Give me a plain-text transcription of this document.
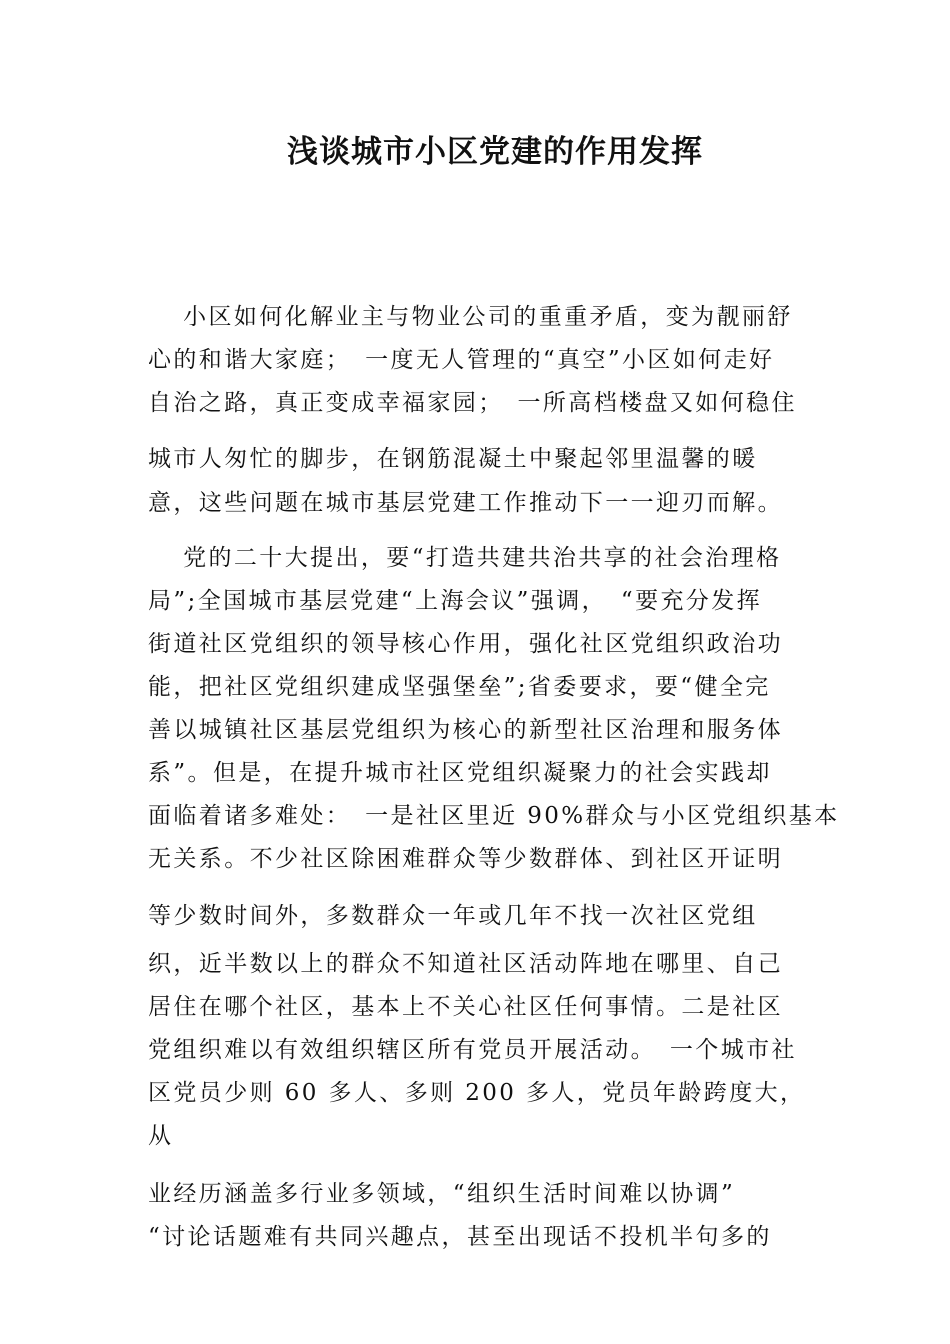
浅谈城市小区党建的作用发挥

　 小区如何化解业主与物业公司的重重矛盾，变为靓丽舒

心的和谐大家庭；　一度无人管理的“真空”小区如何走好

自治之路，真正变成幸福家园；　一所高档楼盘又如何稳住

城市人匆忙的脚步，在钢筋混凝土中聚起邻里温馨的暖

意，这些问题在城市基层党建工作推动下一一迎刃而解。

　 党的二十大提出，要“打造共建共治共享的社会治理格

局”;全国城市基层党建“上海会议”强调，　“要充分发挥

街道社区党组织的领导核心作用，强化社区党组织政治功

能，把社区党组织建成坚强堡垒”;省委要求，要“健全完

善以城镇社区基层党组织为核心的新型社区治理和服务体

系”。但是，在提升城市社区党组织凝聚力的社会实践却

面临着诸多难处：　一是社区里近 90%群众与小区党组织基本

无关系。不少社区除困难群众等少数群体、到社区开证明

等少数时间外，多数群众一年或几年不找一次社区党组

织，近半数以上的群众不知道社区活动阵地在哪里、自己

居住在哪个社区，基本上不关心社区任何事情。二是社区

党组织难以有效组织辖区所有党员开展活动。　一个城市社

区党员少则 60 多人、多则 200 多人，党员年龄跨度大，

从

业经历涵盖多行业多领域，“组织生活时间难以协调”

“讨论话题难有共同兴趣点，甚至出现话不投机半句多的
